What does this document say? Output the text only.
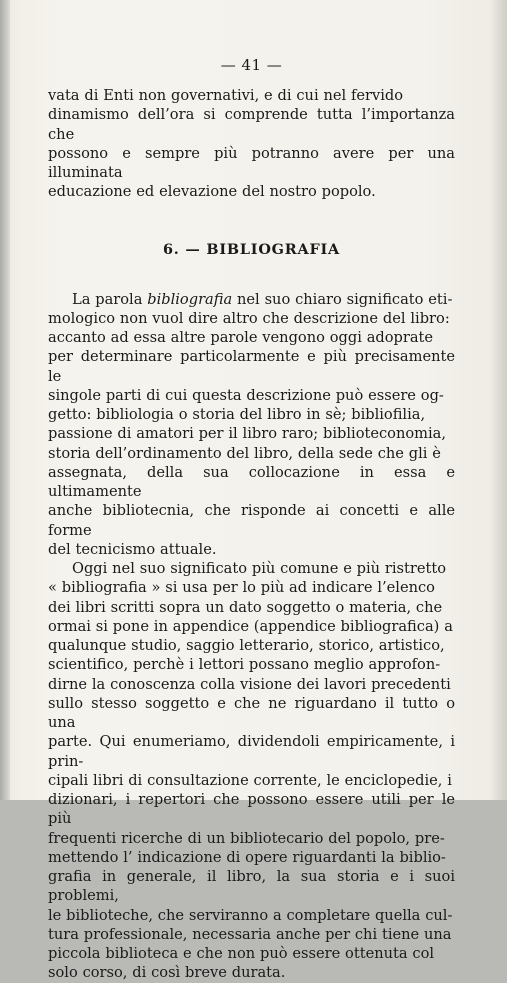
— 41 —

vata di Enti non governativi, e di cui nel fervido
dinamismo dell’ora si comprende tutta l’importanza che
possono e sempre più potranno avere per una illuminata
educazione ed elevazione del nostro popolo.

6. — BIBLIOGRAFIA

La parola bibliografia nel suo chiaro significato eti-
mologico non vuol dire altro che descrizione del libro:
accanto ad essa altre parole vengono oggi adoprate
per determinare particolarmente e più precisamente le
singole parti di cui questa descrizione può essere og-
getto: bibliologia o storia del libro in sè; bibliofilia,
passione di amatori per il libro raro; biblioteconomia,
storia dell’ordinamento del libro, della sede che gli è
assegnata, della sua collocazione in essa e ultimamente
anche bibliotecnia, che risponde ai concetti e alle forme
del tecnicismo attuale.

Oggi nel suo significato più comune e più ristretto
« bibliografia » si usa per lo più ad indicare l’elenco
dei libri scritti sopra un dato soggetto o materia, che
ormai si pone in appendice (appendice bibliografica) a
qualunque studio, saggio letterario, storico, artistico,
scientifico, perchè i lettori possano meglio approfon-
dirne la conoscenza colla visione dei lavori precedenti
sullo stesso soggetto e che ne riguardano il tutto o una
parte. Qui enumeriamo, dividendoli empiricamente, i prin-
cipali libri di consultazione corrente, le enciclopedie, i
dizionari, i repertori che possono essere utili per le più
frequenti ricerche di un bibliotecario del popolo, pre-
mettendo l’ indicazione di opere riguardanti la biblio-
grafia in generale, il libro, la sua storia e i suoi problemi,
le biblioteche, che serviranno a completare quella cul-
tura professionale, necessaria anche per chi tiene una
piccola biblioteca e che non può essere ottenuta col
solo corso, di così breve durata.
